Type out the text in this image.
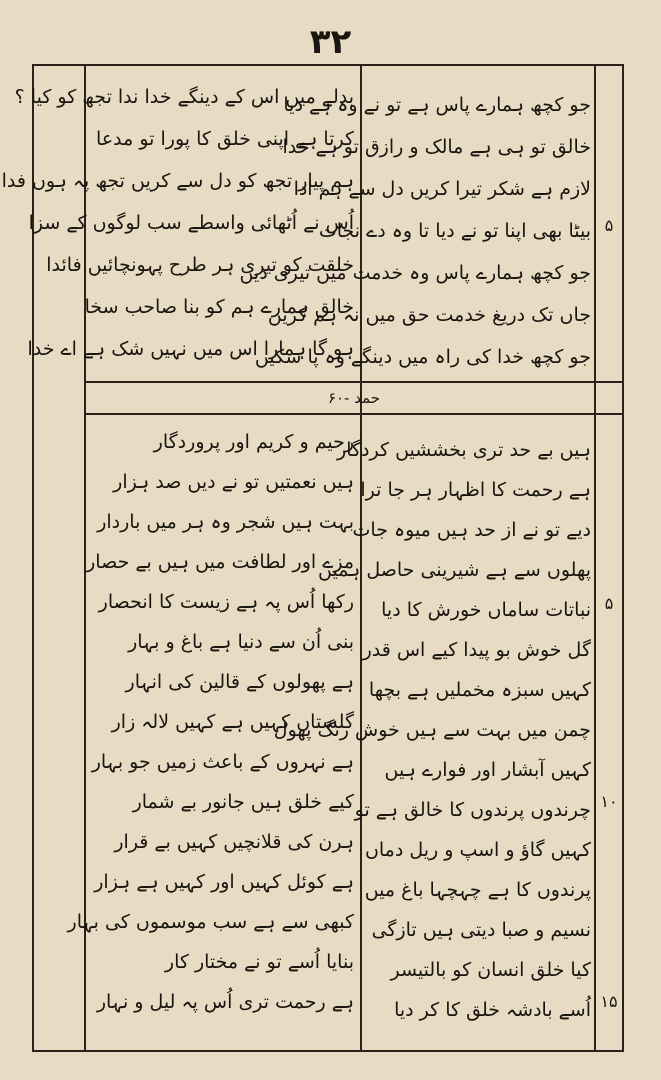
۳۲
۶۰- حمد
جو کچھ ہمارے پاس ہے تو نے وہ ہے دیا
خالق تو ہی ہے مالک و رازق تو ہے خدا
لازم ہے شکر تیرا کریں دل سے ہم ادا
بیٹا بھی اپنا تو نے دیا تا وہ دے نجات
جو کچھ ہمارے پاس وہ خدمت میں تیری دیں
جاں تک دریغ خدمت حق میں نہ ہم کریں
جو کچھ خدا کی راہ میں دینگے وہ پا سکیں
بدلے میں اس کے دینگے خدا ندا تجھ کو کیا ؟
کرتا ہے اپنی خلق کا پورا تو مدعا
ہم پیار تجھ کو دل سے کریں تجھ پہ ہوں فدا
اُس نے اُٹھائی واسطے سب لوگوں کے سزا
خلقت کو تیری ہر طرح پہونچائیں فائدا
خالق ہمارے ہم کو بنا صاحب سخا
ہو گا ہمارا اس میں نہیں شک ہے اے خدا
۵
ہیں بے حد تری بخششیں کردگار
ہے رحمت کا اظہار ہر جا ترا
دیے تو نے از حد ہیں میوہ جات
پھلوں سے ہے شیرینی حاصل ہمیں
نباتات ساماں خورش کا دیا
گل خوش بو پیدا کیے اس قدر
کہیں سبزہ مخملیں ہے بچھا
چمن میں بہت سے ہیں خوش رنگ پھول
کہیں آبشار اور فوارے ہیں
چرندوں پرندوں کا خالق ہے تو
کہیں گاؤ و اسپ و ریل دماں
پرندوں کا ہے چہچہا باغ میں
نسیم و صبا دیتی ہیں تازگی
کیا خلق انسان کو بالتیسر
اُسے بادشہ خلق کا کر دیا
رحیم و کریم اور پروردگار
ہیں نعمتیں تو نے دیں صد ہزار
بہت ہیں شجر وہ ہر میں باردار
مزے اور لطافت میں ہیں بے حصار
رکھا اُس پہ ہے زیست کا انحصار
بنی اُن سے دنیا ہے باغ و بہار
ہے پھولوں کے قالین کی انہار
گلستاں کہیں ہے کہیں لالہ زار
ہے نہروں کے باعث زمیں جو بہار
کیے خلق ہیں جانور بے شمار
ہرن کی قلانچیں کہیں بے قرار
ہے کوئل کہیں اور کہیں ہے ہزار
کبھی سے ہے سب موسموں کی بہار
بنایا اُسے تو نے مختار کار
ہے رحمت تری اُس پہ لیل و نہار
۵
۱۰
۱۵
